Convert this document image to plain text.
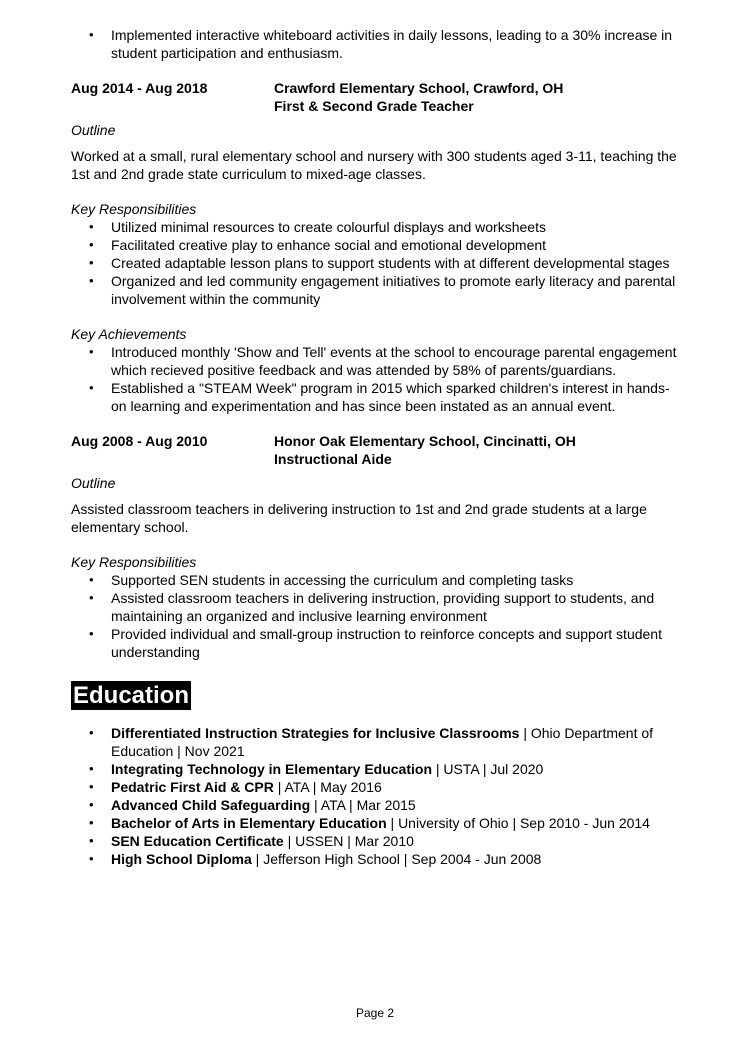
• Implemented interactive whiteboard activities in daily lessons, leading to a 30% increase in student participation and enthusiasm.
Aug 2014 - Aug 2018	Crawford Elementary School, Crawford, OH
First & Second Grade Teacher
Outline
Worked at a small, rural elementary school and nursery with 300 students aged 3-11, teaching the 1st and 2nd grade state curriculum to mixed-age classes.
Key Responsibilities
• Utilized minimal resources to create colourful displays and worksheets
• Facilitated creative play to enhance social and emotional development
• Created adaptable lesson plans to support students with at different developmental stages
• Organized and led community engagement initiatives to promote early literacy and parental involvement within the community
Key Achievements
• Introduced monthly 'Show and Tell' events at the school to encourage parental engagement which recieved positive feedback and was attended by 58% of parents/guardians.
• Established a "STEAM Week" program in 2015 which sparked children's interest in hands-on learning and experimentation and has since been instated as an annual event.
Aug 2008 - Aug 2010	Honor Oak Elementary School, Cincinatti, OH
Instructional Aide
Outline
Assisted classroom teachers in delivering instruction to 1st and 2nd grade students at a large elementary school.
Key Responsibilities
• Supported SEN students in accessing the curriculum and completing tasks
• Assisted classroom teachers in delivering instruction, providing support to students, and maintaining an organized and inclusive learning environment
• Provided individual and small-group instruction to reinforce concepts and support student understanding
Education
• Differentiated Instruction Strategies for Inclusive Classrooms | Ohio Department of Education | Nov 2021
• Integrating Technology in Elementary Education | USTA | Jul 2020
• Pedatric First Aid & CPR | ATA | May 2016
• Advanced Child Safeguarding | ATA | Mar 2015
• Bachelor of Arts in Elementary Education | University of Ohio | Sep 2010 - Jun 2014
• SEN Education Certificate | USSEN | Mar 2010
• High School Diploma | Jefferson High School | Sep 2004 - Jun 2008
Page 2
